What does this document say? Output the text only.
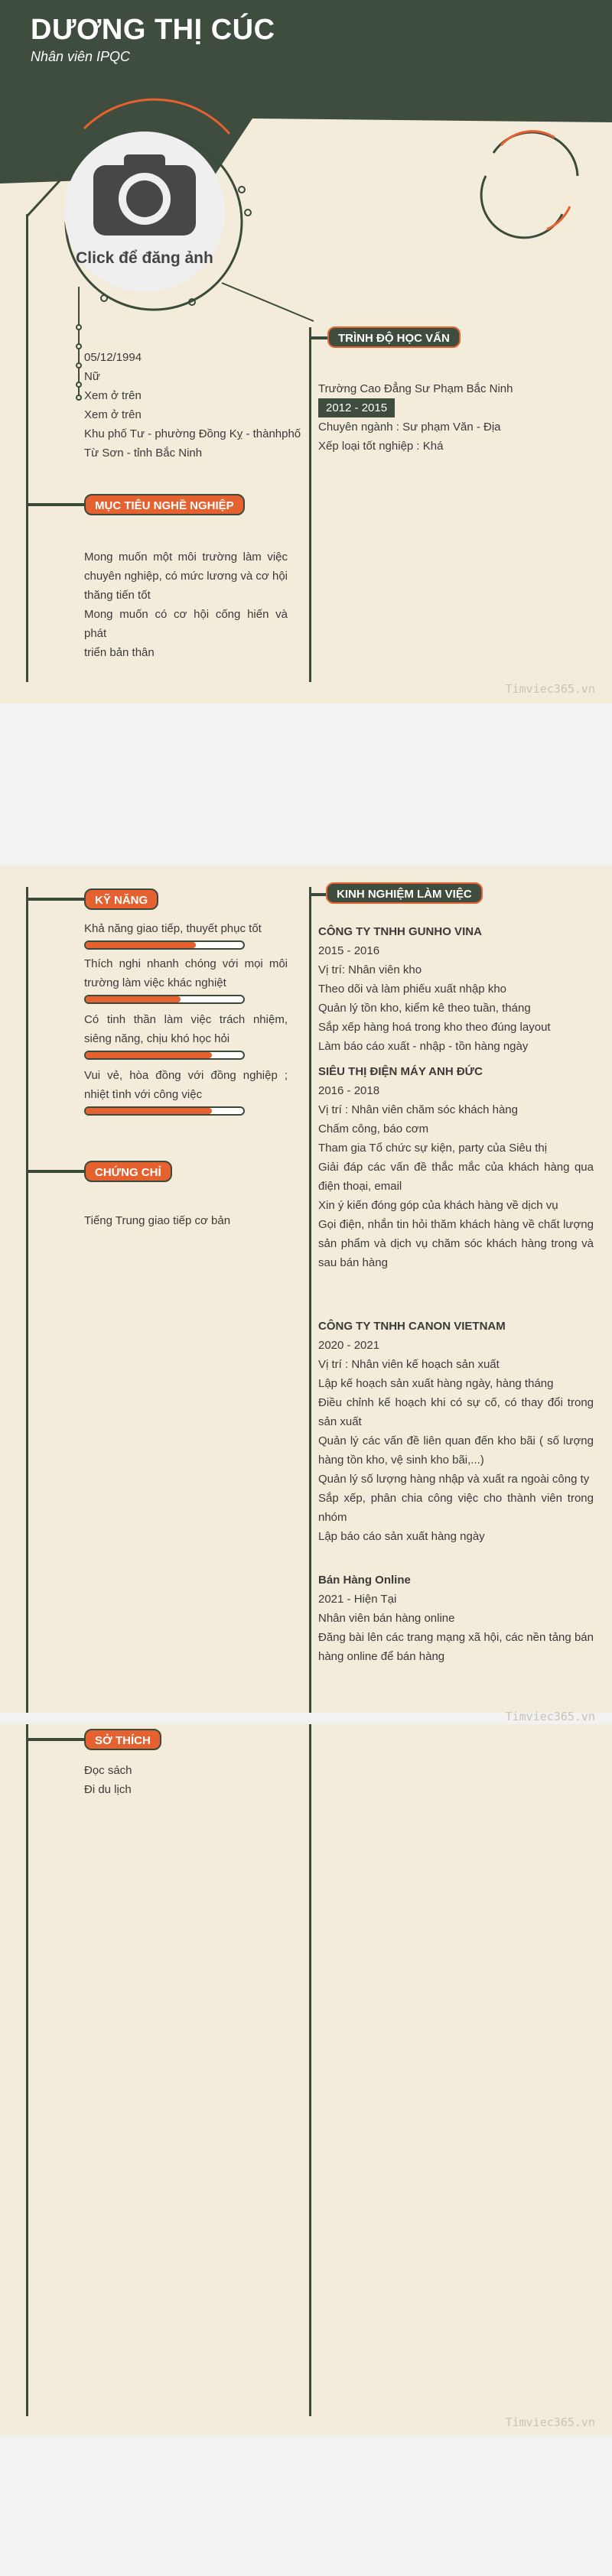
DƯƠNG THỊ CÚC
Nhân viên IPQC
Click để đăng ảnh
05/12/1994
Nữ
Xem ở trên
Xem ở trên
Khu phố Tư - phường Đồng Kỵ - thànhphố
Từ Sơn - tỉnh Bắc Ninh
MỤC TIÊU NGHỀ NGHIỆP
Mong muốn một môi trường làm việc chuyên nghiệp, có mức lương và cơ hội thăng tiến tốt
Mong muốn có cơ hội cống hiến và phát
triển bản thân
TRÌNH ĐỘ HỌC VẤN
Trường Cao Đẳng Sư Phạm Bắc Ninh
2012 - 2015
Chuyên ngành : Sư phạm Văn - Địa
Xếp loại tốt nghiệp : Khá
Timviec365.vn
KỸ NĂNG
Khả năng giao tiếp, thuyết phục tốt
Thích nghi nhanh chóng với mọi môi trường làm việc khác nghiệt
Có tinh thần làm việc trách nhiệm, siêng năng, chịu khó học hỏi
Vui vẻ, hòa đồng với đồng nghiệp ; nhiệt tình với công việc
CHỨNG CHỈ
Tiếng Trung giao tiếp cơ bản
KINH NGHIỆM LÀM VIỆC
CÔNG TY TNHH GUNHO VINA
2015 - 2016
Vị trí: Nhân viên kho
Theo dõi và làm phiếu xuất nhập kho
Quản lý tồn kho, kiểm kê theo tuần, tháng
Sắp xếp hàng hoá trong kho theo đúng layout
Làm báo cáo xuất - nhập - tồn hàng ngày
SIÊU THỊ ĐIỆN MÁY ANH ĐỨC
2016 - 2018
Vị trí : Nhân viên chăm sóc khách hàng
Chấm công, báo cơm
Tham gia Tổ chức sự kiện, party của Siêu thị
Giải đáp các vấn đề thắc mắc của khách hàng qua điện thoại, email
Xin ý kiến đóng góp của khách hàng về dịch vụ
Gọi điện, nhắn tin hỏi thăm khách hàng về chất lượng sản phẩm và dịch vụ chăm sóc khách hàng trong và sau bán hàng
CÔNG TY TNHH CANON VIETNAM
2020 - 2021
Vị trí : Nhân viên kế hoạch sản xuất
Lập kế hoạch sản xuất hàng ngày, hàng tháng
Điều chỉnh kế hoạch khi có sự cố, có thay đổi trong sản xuất
Quản lý các vấn đề liên quan đến kho bãi ( số lượng hàng tồn kho, vệ sinh kho bãi,...)
Quản lý số lượng hàng nhập và xuất ra ngoài công ty
Sắp xếp, phân chia công việc cho thành viên trong nhóm
Lập báo cáo sản xuất hàng ngày
Bán Hàng Online
2021 - Hiện Tại
Nhân viên bán hàng online
Đăng bài lên các trang mạng xã hội, các nền tảng bán hàng online để bán hàng
Timviec365.vn
SỞ THÍCH
Đọc sách
Đi du lịch
Timviec365.vn
